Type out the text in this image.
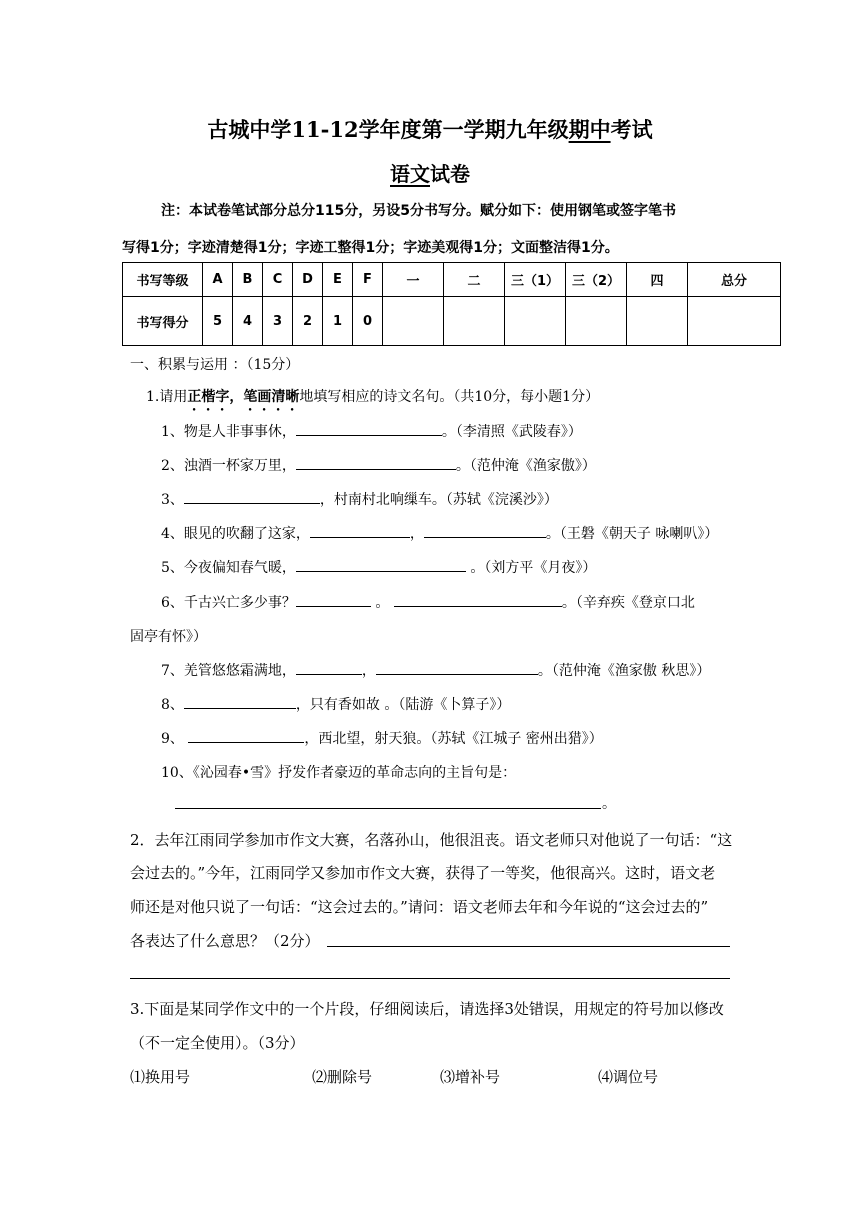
古城中学11-12学年度第一学期九年级期中考试
语文试卷
注：本试卷笔试部分总分115分，另设5分书写分。赋分如下：使用钢笔或签字笔书
写得1分；字迹清楚得1分；字迹工整得1分；字迹美观得1分；文面整洁得1分。
书写等级	A	B	C	D	E	F	一	二	三（1）	三（2）	四	总分
书写得分	5	4	3	2	1	0						
一、积累与运用 ：（15分）
1.请用正楷字，笔画清晰地填写相应的诗文名句。（共10分，每小题1分）
1、物是人非事事休，	。（李清照《武陵春》）
2、浊酒一杯家万里，	。（范仲淹《渔家傲》）
3、	，村南村北响缫车。（苏轼《浣溪沙》）
4、眼见的吹翻了这家，	，	。（王磐《朝天子 咏喇叭》）
5、今夜偏知春气暖，	。（刘方平《月夜》）
6、千古兴亡多少事？	。	。（辛弃疾《登京口北
固亭有怀》）
7、羌管悠悠霜满地，	，	。（范仲淹《渔家傲 秋思》）
8、	，只有香如故 。（陆游《卜算子》）
9、	，西北望，射天狼。（苏轼《江城子 密州出猎》）
10、《沁园春•雪》抒发作者豪迈的革命志向的主旨句是：
。
2．去年江雨同学参加市作文大赛，名落孙山，他很沮丧。语文老师只对他说了一句话：“这
会过去的。”今年，江雨同学又参加市作文大赛，获得了一等奖，他很高兴。这时，语文老
师还是对他只说了一句话：“这会过去的。”请问：语文老师去年和今年说的“这会过去的”
各表达了什么意思？（2分）
3.下面是某同学作文中的一个片段，仔细阅读后，请选择3处错误，用规定的符号加以修改
（不一定全使用）。（3分）
⑴换用号	⑵删除号	⑶增补号	⑷调位号
